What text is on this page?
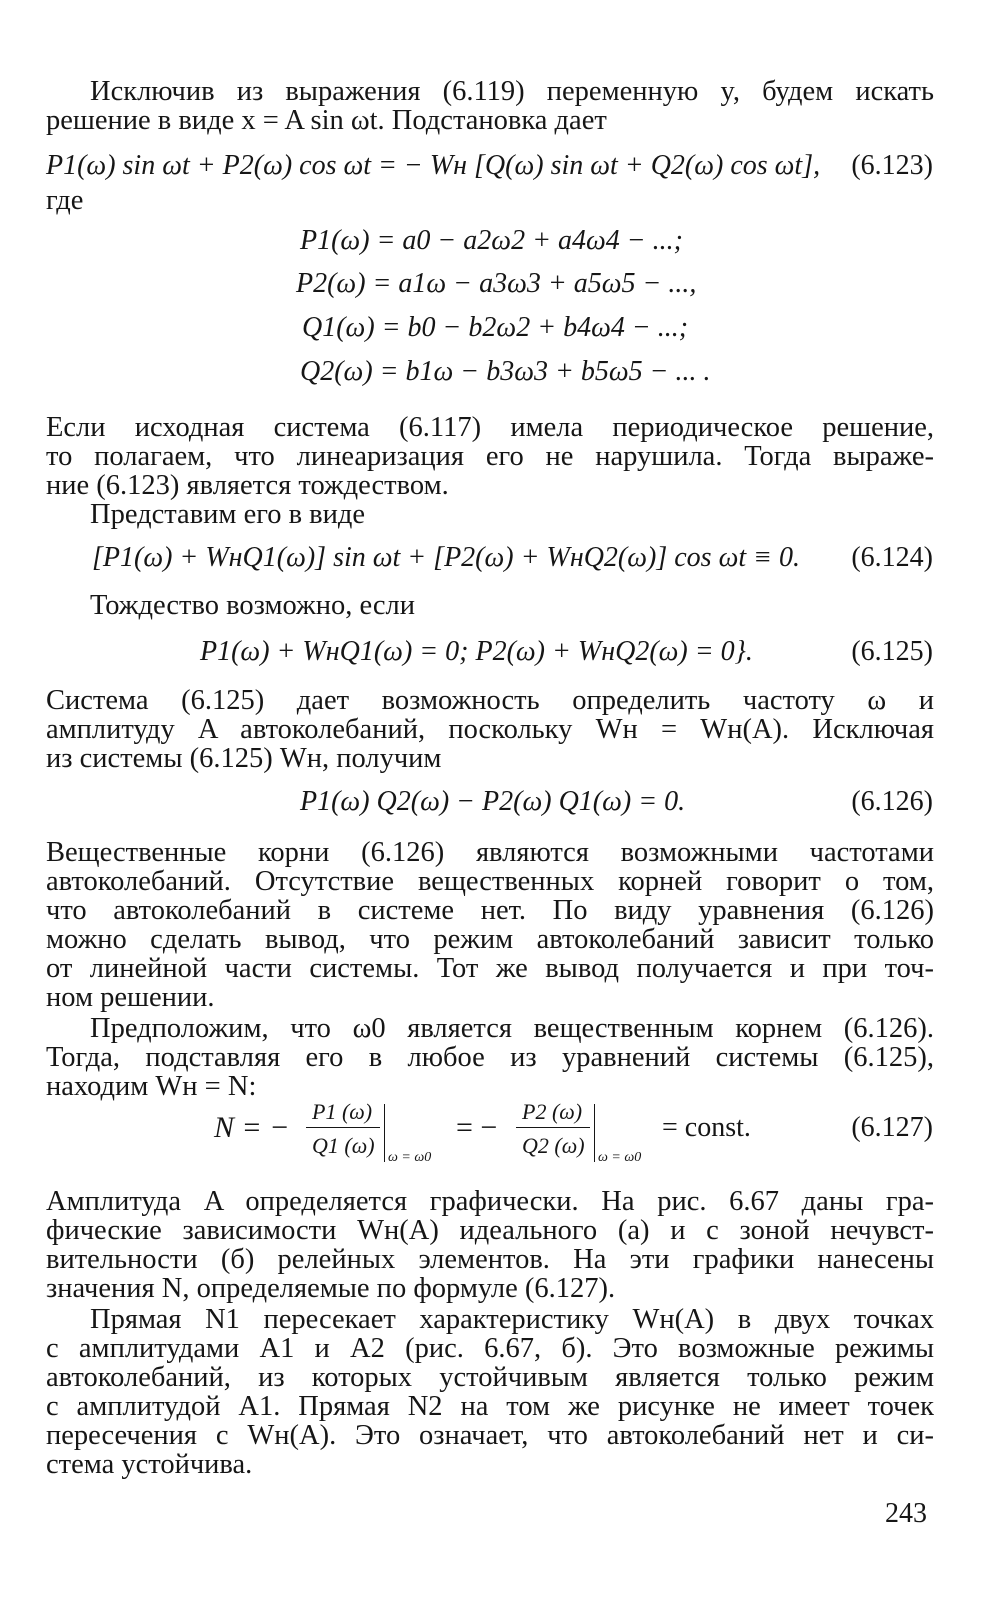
Исключив из выражения (6.119) переменную y, будем искать
решение в виде x = A sin ωt. Подстановка дает
P1(ω) sin ωt + P2(ω) cos ωt = − Wн [Q(ω) sin ωt + Q2(ω) cos ωt], (6.123)
где
P1(ω) = a0 − a2ω2 + a4ω4 − ...;
P2(ω) = a1ω − a3ω3 + a5ω5 − ...,
Q1(ω) = b0 − b2ω2 + b4ω4 − ...;
Q2(ω) = b1ω − b3ω3 + b5ω5 − ... .
Если исходная система (6.117) имела периодическое решение,
то полагаем, что линеаризация его не нарушила. Тогда выраже-
ние (6.123) является тождеством.
Представим его в виде
[P1(ω) + WнQ1(ω)] sin ωt + [P2(ω) + WнQ2(ω)] cos ωt ≡ 0. (6.124)
Тождество возможно, если
P1(ω) + WнQ1(ω) = 0; P2(ω) + WнQ2(ω) = 0}.	(6.125)
Система (6.125) дает возможность определить частоту ω и
амплитуду A автоколебаний, поскольку Wн = Wн(A). Исключая
из системы (6.125) Wн, получим
P1(ω) Q2(ω) − P2(ω) Q1(ω) = 0.	(6.126)
Вещественные корни (6.126) являются возможными частотами
автоколебаний. Отсутствие вещественных корней говорит о том,
что автоколебаний в системе нет. По виду уравнения (6.126)
можно сделать вывод, что режим автоколебаний зависит только
от линейной части системы. Тот же вывод получается и при точ-
ном решении.
Предположим, что ω0 является вещественным корнем (6.126).
Тогда, подставляя его в любое из уравнений системы (6.125),
находим Wн = N:
N = − P1 (ω)
Q1 (ω) ω = ω0
= − P2 (ω)
Q2 (ω) ω = ω0
= const.	(6.127)
Амплитуда A определяется графически. На рис. 6.67 даны гра-
фические зависимости Wн(A) идеального (a) и с зоной нечувст-
вительности (б) релейных элементов. На эти графики нанесены
значения N, определяемые по формуле (6.127).
Прямая N1 пересекает характеристику Wн(A) в двух точках
с амплитудами A1 и A2 (рис. 6.67, б). Это возможные режимы
автоколебаний, из которых устойчивым является только режим
с амплитудой A1. Прямая N2 на том же рисунке не имеет точек
пересечения с Wн(A). Это означает, что автоколебаний нет и си-
стема устойчива.
243
